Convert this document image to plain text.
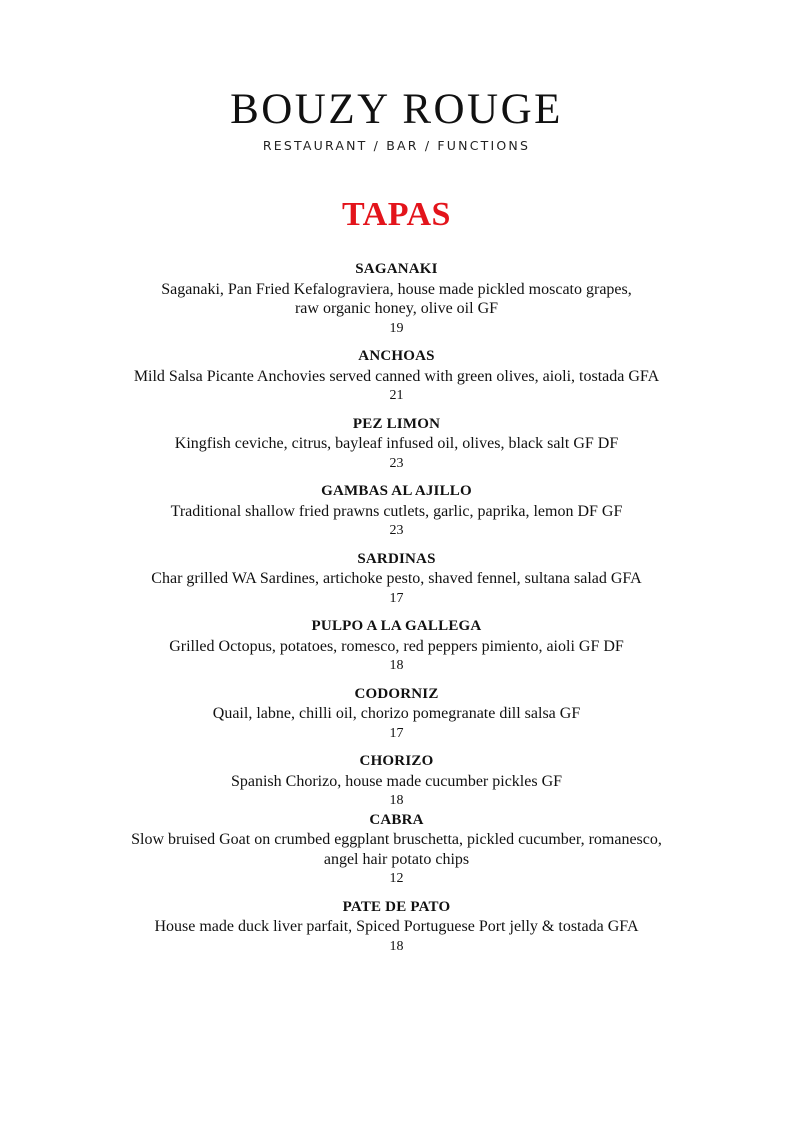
BOUZY ROUGE
RESTAURANT / BAR / FUNCTIONS
TAPAS
SAGANAKI
Saganaki, Pan Fried Kefalograviera, house made pickled moscato grapes,
raw organic honey, olive oil GF
19
ANCHOAS
Mild Salsa Picante Anchovies served canned with green olives, aioli, tostada GFA
21
PEZ LIMON
Kingfish ceviche, citrus, bayleaf infused oil, olives, black salt GF DF
23
GAMBAS AL AJILLO
Traditional shallow fried prawns cutlets, garlic, paprika, lemon DF GF
23
SARDINAS
Char grilled WA Sardines, artichoke pesto, shaved fennel, sultana salad GFA
17
PULPO A LA GALLEGA
Grilled Octopus, potatoes, romesco, red peppers pimiento, aioli GF DF
18
CODORNIZ
Quail, labne, chilli oil, chorizo pomegranate dill salsa GF
17
CHORIZO
Spanish Chorizo, house made cucumber pickles GF
18
CABRA
Slow bruised Goat on crumbed eggplant bruschetta, pickled cucumber, romanesco,
angel hair potato chips
12
PATE DE PATO
House made duck liver parfait, Spiced Portuguese Port jelly & tostada GFA
18
